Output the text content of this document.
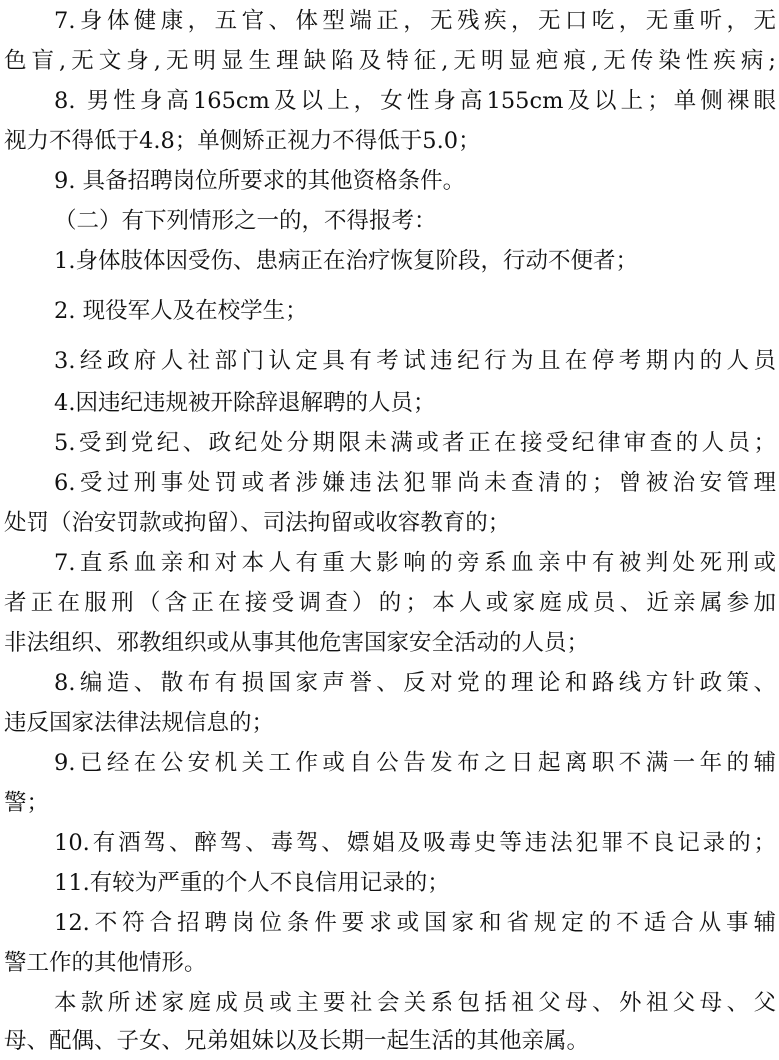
7.身体健康，五官、体型端正，无残疾，无口吃，无重听，无
色盲,无文身,无明显生理缺陷及特征,无明显疤痕,无传染性疾病;
8. 男性身高165cm及以上，女性身高155cm及以上；单侧裸眼
视力不得低于4.8；单侧矫正视力不得低于5.0；
9. 具备招聘岗位所要求的其他资格条件。
（二）有下列情形之一的，不得报考：
1.身体肢体因受伤、患病正在治疗恢复阶段，行动不便者；
2. 现役军人及在校学生；
3.经政府人社部门认定具有考试违纪行为且在停考期内的人员
4.因违纪违规被开除辞退解聘的人员；
5.受到党纪、政纪处分期限未满或者正在接受纪律审查的人员；
6.受过刑事处罚或者涉嫌违法犯罪尚未查清的；曾被治安管理
处罚（治安罚款或拘留）、司法拘留或收容教育的；
7.直系血亲和对本人有重大影响的旁系血亲中有被判处死刑或
者正在服刑（含正在接受调查）的；本人或家庭成员、近亲属参加
非法组织、邪教组织或从事其他危害国家安全活动的人员；
8.编造、散布有损国家声誉、反对党的理论和路线方针政策、
违反国家法律法规信息的；
9.已经在公安机关工作或自公告发布之日起离职不满一年的辅
警；
10.有酒驾、醉驾、毒驾、嫖娼及吸毒史等违法犯罪不良记录的；
11.有较为严重的个人不良信用记录的；
12.不符合招聘岗位条件要求或国家和省规定的不适合从事辅
警工作的其他情形。
本款所述家庭成员或主要社会关系包括祖父母、外祖父母、父
母、配偶、子女、兄弟姐妹以及长期一起生活的其他亲属。
